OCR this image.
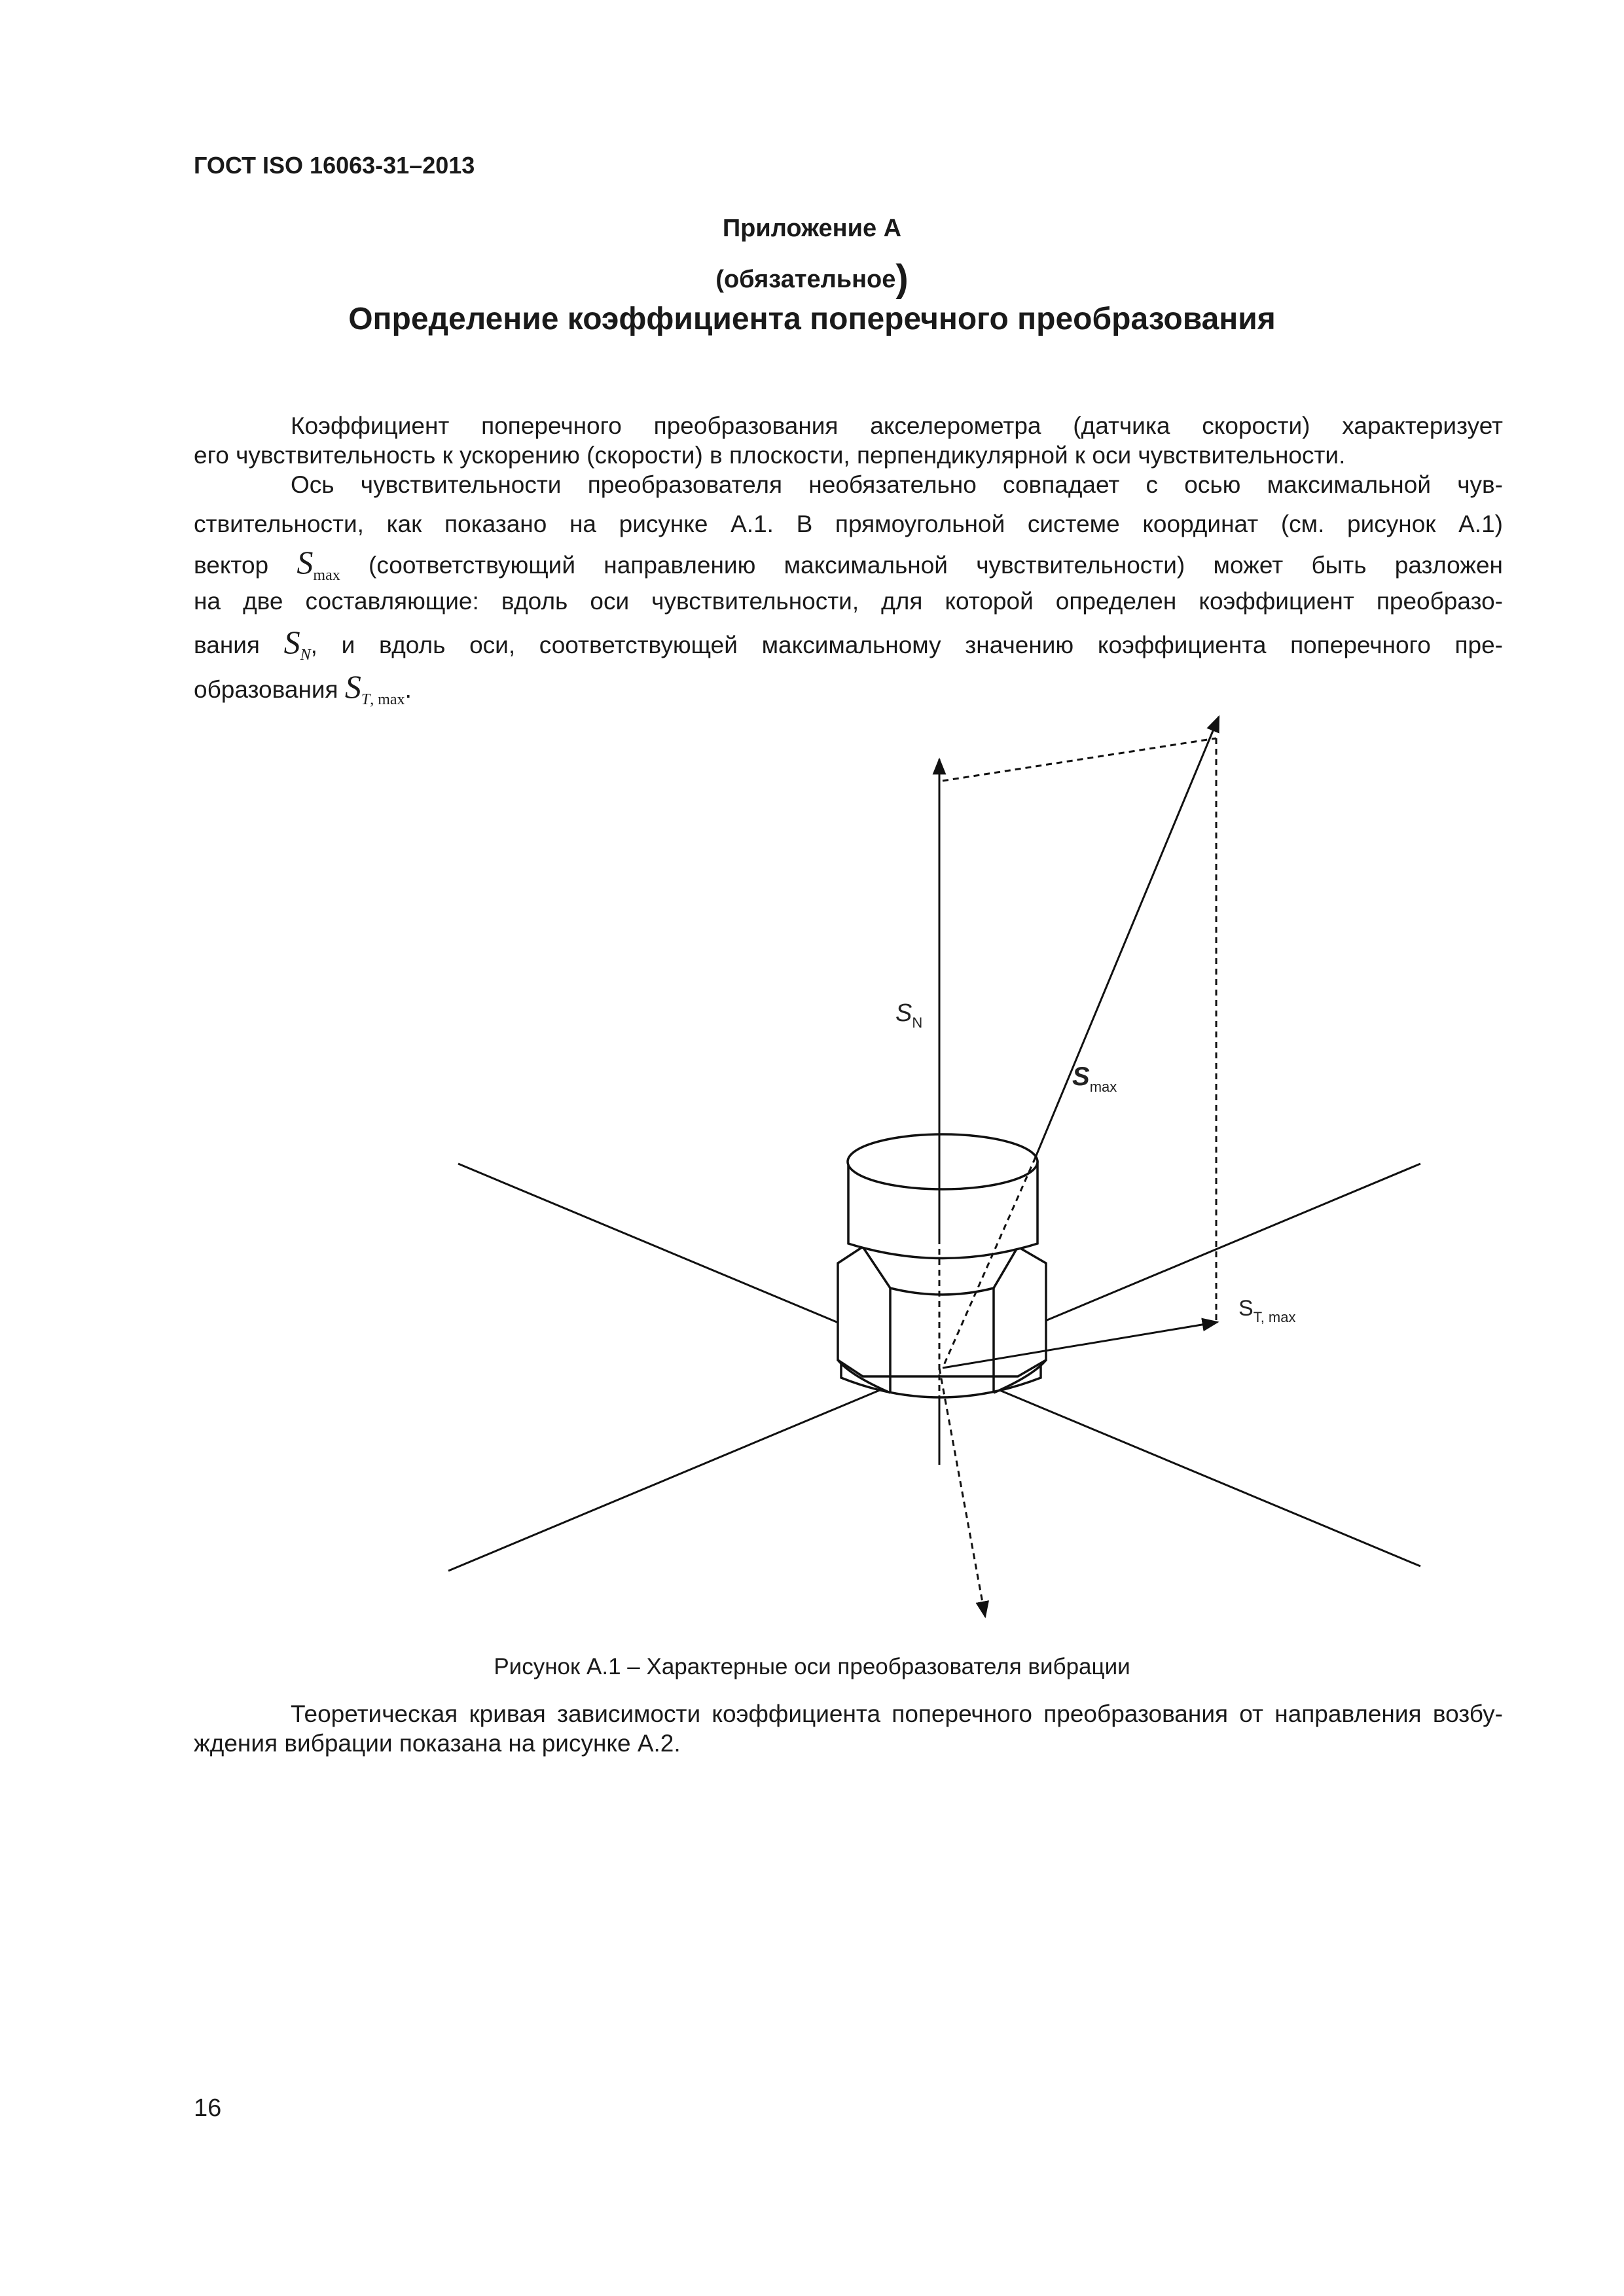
ГОСТ ISO 16063-31–2013
Приложение А
(обязательное)
Определение коэффициента поперечного преобразования
Коэффициент поперечного преобразования акселерометра (датчика скорости) характеризует
его чувствительность к ускорению (скорости) в плоскости, перпендикулярной к оси чувствительности.
Ось чувствительности преобразователя необязательно совпадает с осью максимальной чув-
ствительности, как показано на рисунке А.1. В прямоугольной системе координат (см. рисунок А.1)
вектор $S_{max}$ (соответствующий направлению максимальной чувствительности) может быть разложен
на две составляющие: вдоль оси чувствительности, для которой определен коэффициент преобразо-
вания $S_N$, и вдоль оси, соответствующей максимальному значению коэффициента поперечного пре-
образования $S_{T, max}$.
$S_N$
$S_{max}$
$S_{T, max}$
Рисунок А.1 – Характерные оси преобразователя вибрации
Теоретическая кривая зависимости коэффициента поперечного преобразования от направления возбу-
ждения вибрации показана на рисунке А.2.
16
